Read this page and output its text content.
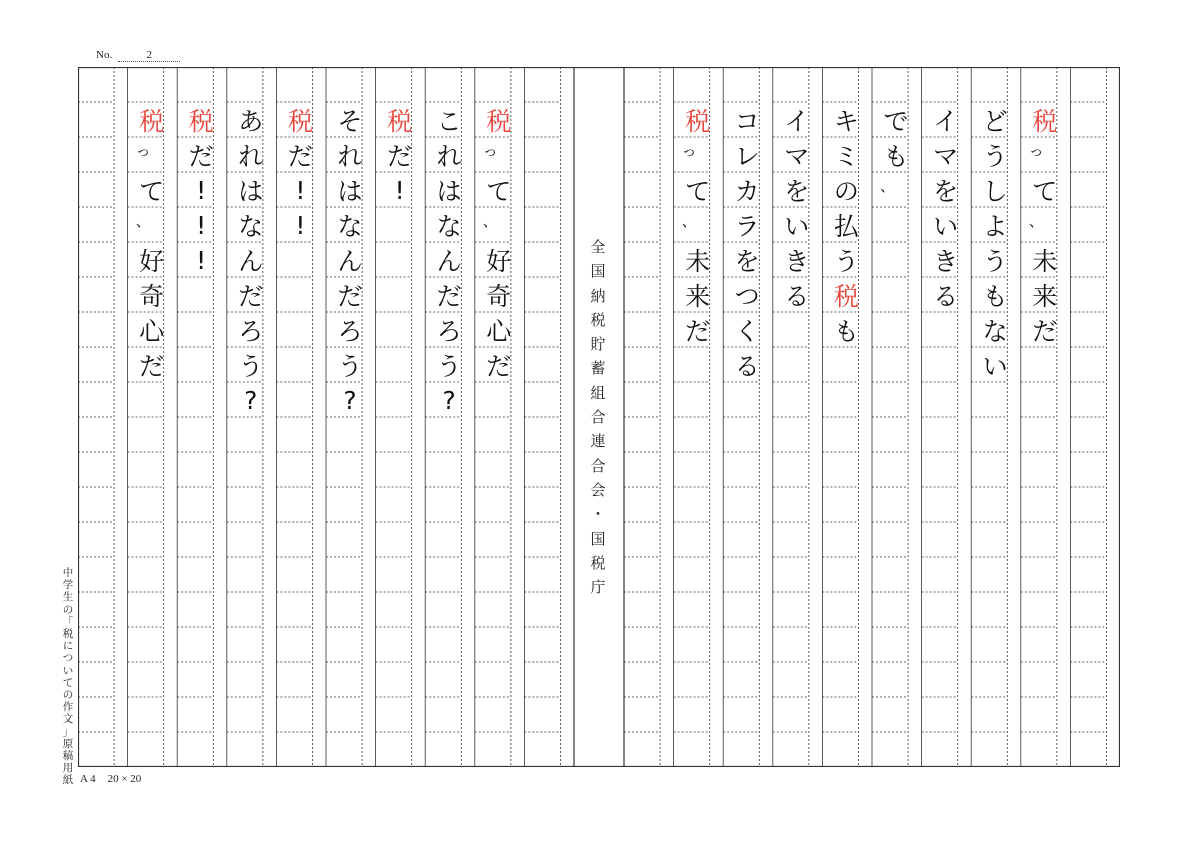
No.	2
全
国
納
税
貯
蓄
組
合
連
合
会
・
国
税
庁
税
っ
て
、
未
来
だ
ど
う
し
よ
う
も
な
い
イ
マ
を
い
き
る
で
も
、
キ
ミ
の
払
う
税
も
イ
マ
を
い
き
る
コ
レ
カ
ラ
を
つ
く
る
税
っ
て
、
未
来
だ
税
っ
て
、
好
奇
心
だ
こ
れ
は
な
ん
だ
ろ
う
?
税
だ
!
そ
れ
は
な
ん
だ
ろ
う
?
税
だ
!
!
あ
れ
は
な
ん
だ
ろ
う
?
税
だ
!
!
!
税
っ
て
、
好
奇
心
だ
中
学
生
の
「
税
に
つ
い
て
の
作
文
」
原
稿
用
紙 A 4 20 × 20
